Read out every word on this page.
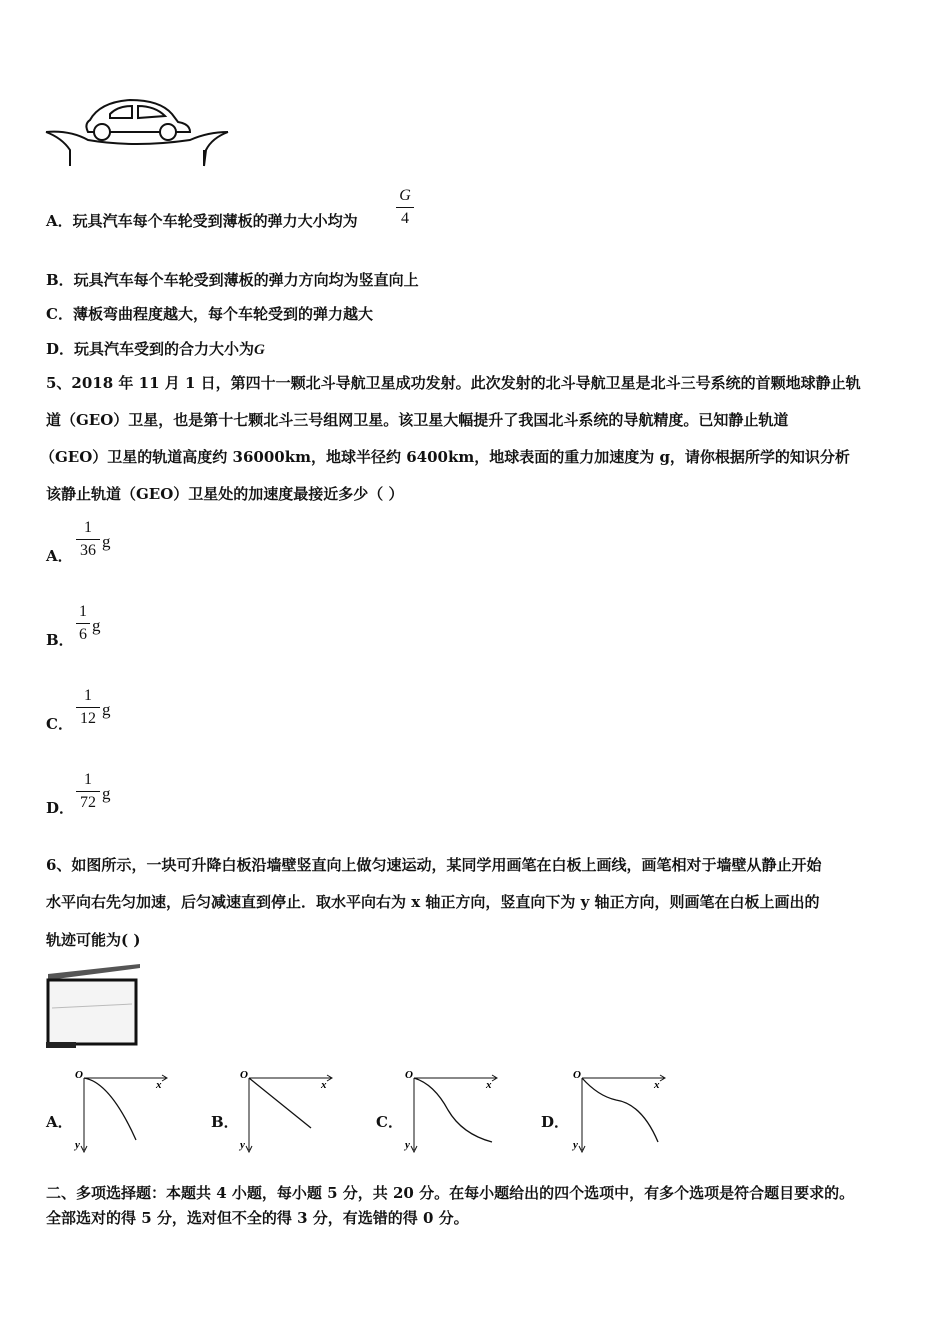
A．玩具汽车每个车轮受到薄板的弹力大小均为
G
4
B．玩具汽车每个车轮受到薄板的弹力方向均为竖直向上
C．薄板弯曲程度越大，每个车轮受到的弹力越大
D．玩具汽车受到的合力大小为G
5、2018 年 11 月 1 日，第四十一颗北斗导航卫星成功发射。此次发射的北斗导航卫星是北斗三号系统的首颗地球静止轨
道（GEO）卫星，也是第十七颗北斗三号组网卫星。该卫星大幅提升了我国北斗系统的导航精度。已知静止轨道
（GEO）卫星的轨道高度约 36000km，地球半径约 6400km，地球表面的重力加速度为 g，请你根据所学的知识分析
该静止轨道（GEO）卫星处的加速度最接近多少（ ）
A．
1
36 g
B．
1
6 g
C．
1
12 g
D．
1
72 g
6、如图所示，一块可升降白板沿墙壁竖直向上做匀速运动，某同学用画笔在白板上画线，画笔相对于墙壁从静止开始
水平向右先匀加速，后匀减速直到停止．取水平向右为 x 轴正方向，竖直向下为 y 轴正方向，则画笔在白板上画出的
轨迹可能为( )
A．	B．	C．	D．
O
x
y
O
x
y
O
x
y
O
x
y
二、多项选择题：本题共 4 小题，每小题 5 分，共 20 分。在每小题给出的四个选项中，有多个选项是符合题目要求的。
全部选对的得 5 分，选对但不全的得 3 分，有选错的得 0 分。
